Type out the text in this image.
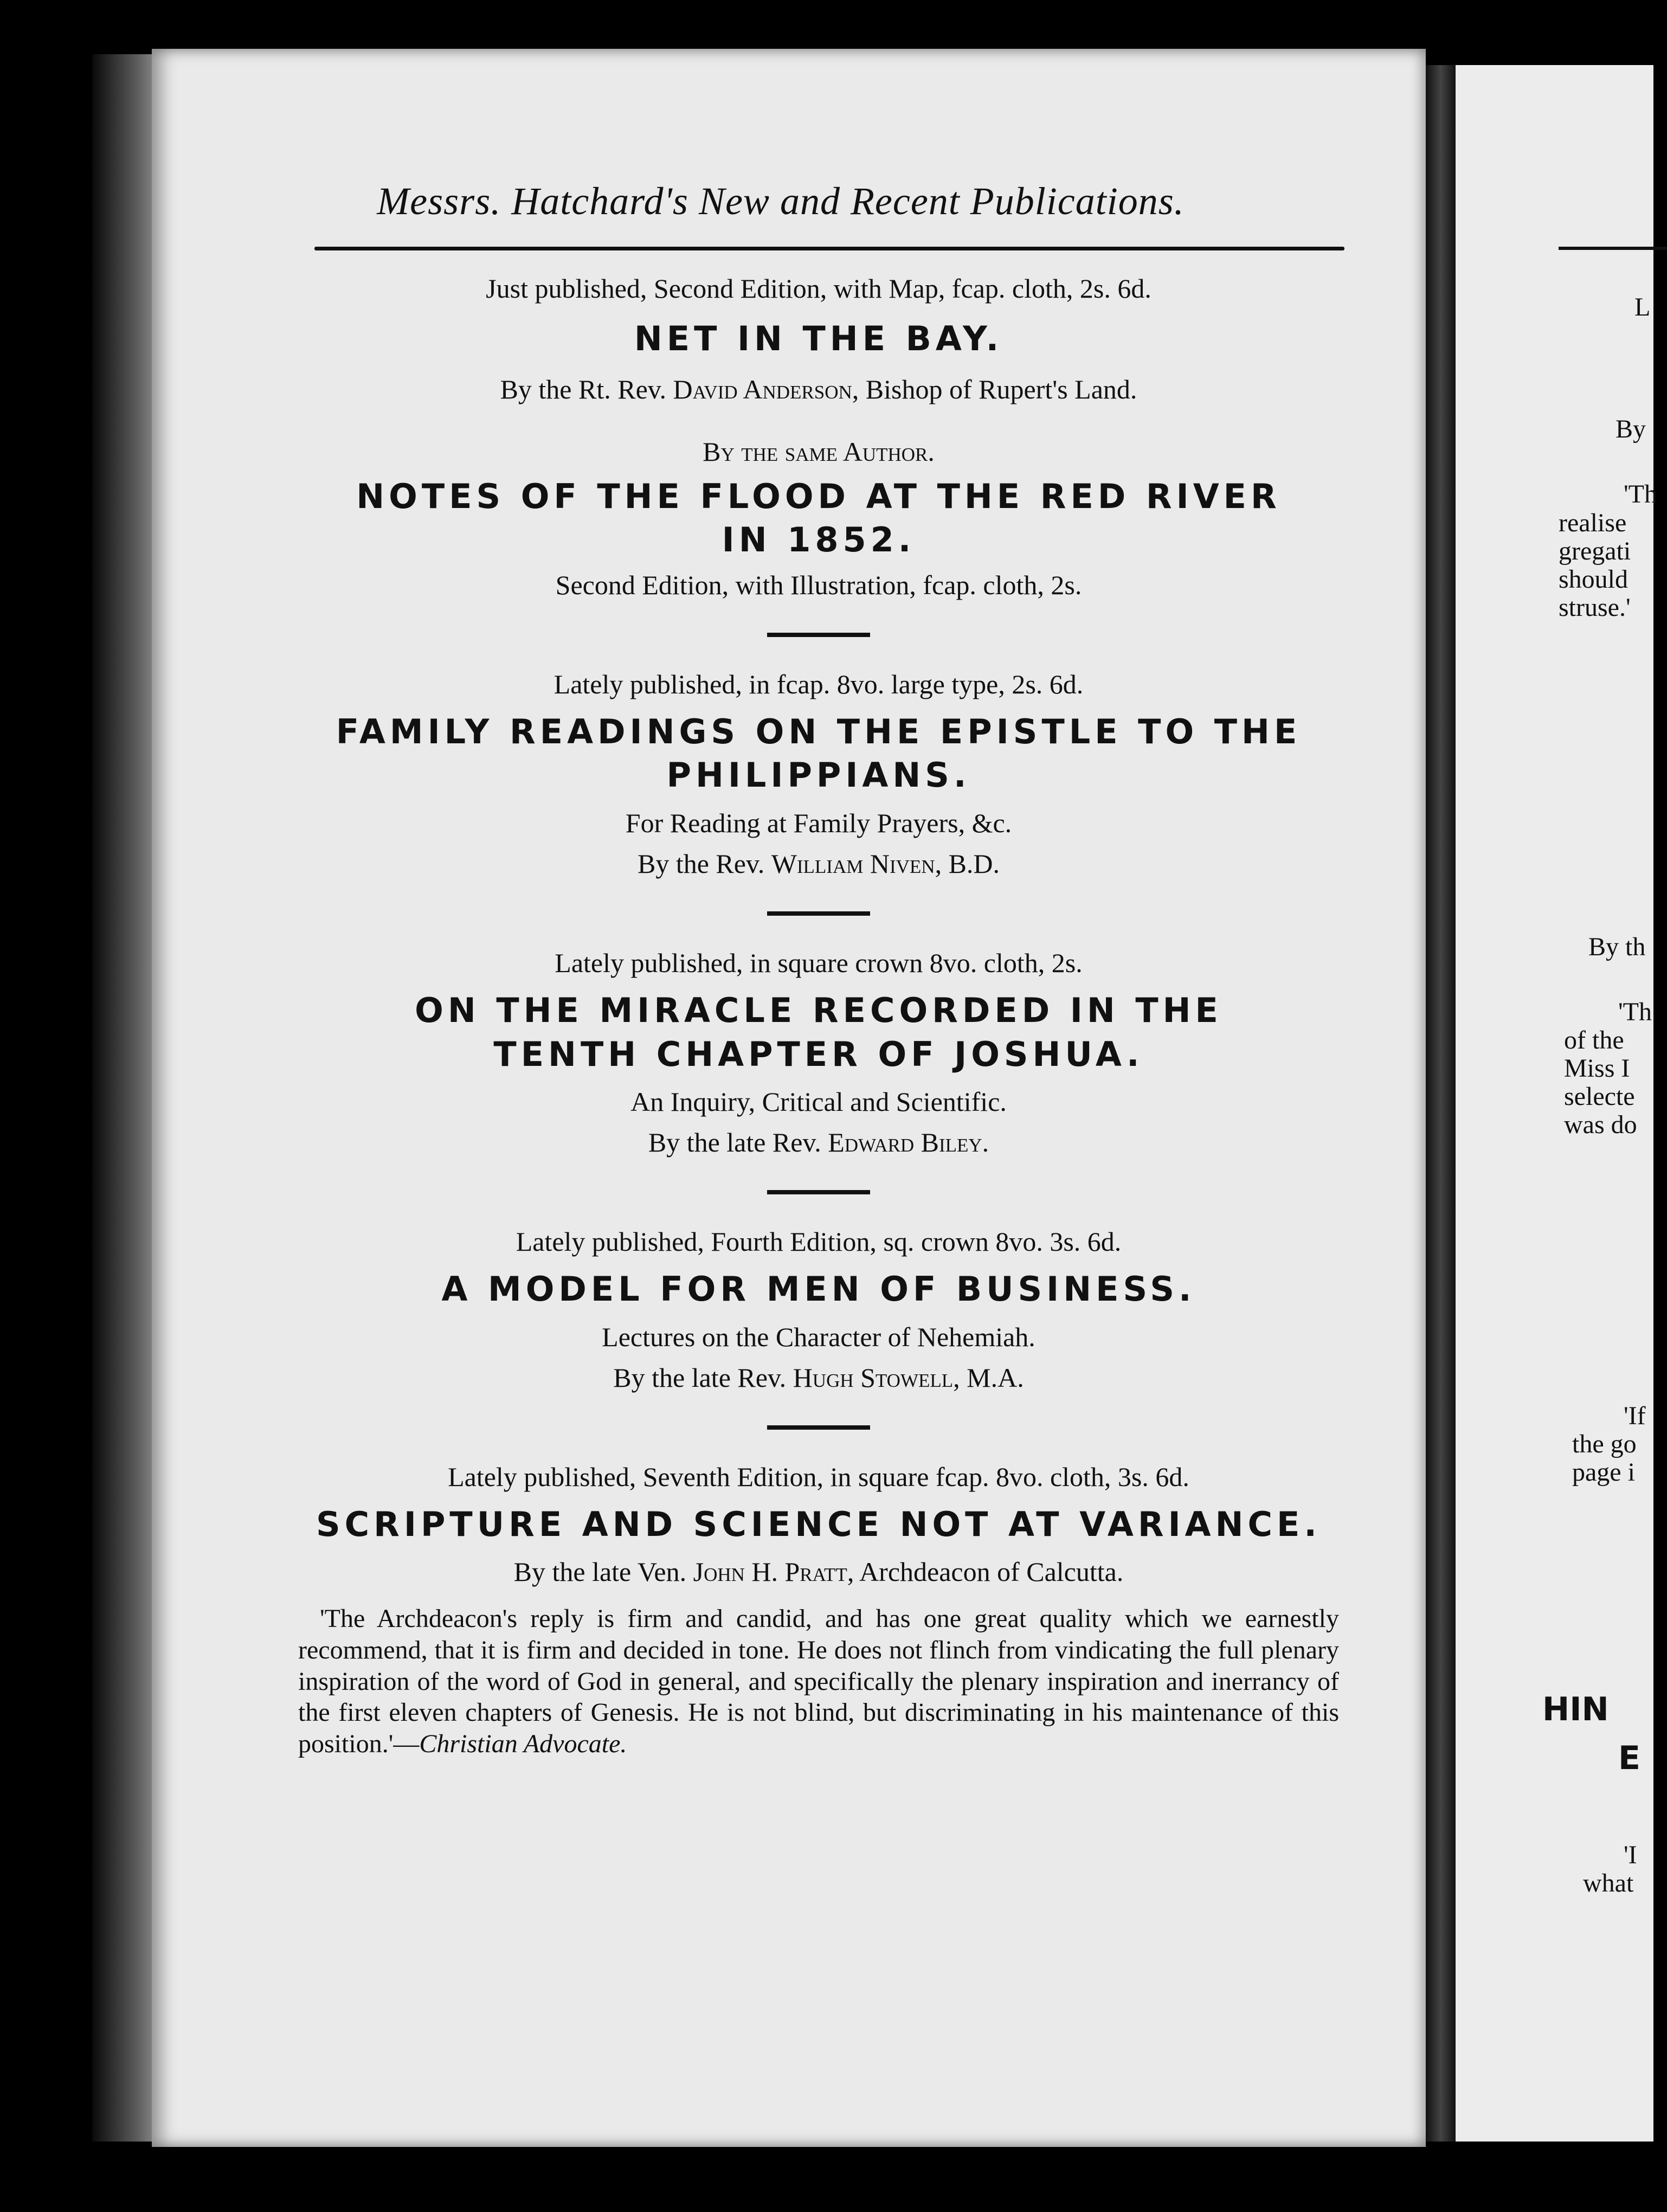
Messrs. Hatchard's New and Recent Publications.

Just published, Second Edition, with Map, fcap. cloth, 2s. 6d.

NET IN THE BAY.

By the Rt. Rev. David Anderson, Bishop of Rupert's Land.

By the same Author.

NOTES OF THE FLOOD AT THE RED RIVER

IN 1852.

Second Edition, with Illustration, fcap. cloth, 2s.

Lately published, in fcap. 8vo. large type, 2s. 6d.

FAMILY READINGS ON THE EPISTLE TO THE

PHILIPPIANS.

For Reading at Family Prayers, &c.

By the Rev. William Niven, B.D.

Lately published, in square crown 8vo. cloth, 2s.

ON THE MIRACLE RECORDED IN THE

TENTH CHAPTER OF JOSHUA.

An Inquiry, Critical and Scientific.

By the late Rev. Edward Biley.

Lately published, Fourth Edition, sq. crown 8vo. 3s. 6d.

A MODEL FOR MEN OF BUSINESS.

Lectures on the Character of Nehemiah.

By the late Rev. Hugh Stowell, M.A.

Lately published, Seventh Edition, in square fcap. 8vo. cloth, 3s. 6d.

SCRIPTURE AND SCIENCE NOT AT VARIANCE.

By the late Ven. John H. Pratt, Archdeacon of Calcutta.

'The Archdeacon's reply is firm and candid, and has one great quality which we earnestly recommend, that it is firm and decided in tone. He does not flinch from vindicating the full plenary inspiration of the word of God in general, and specifically the plenary inspiration and inerrancy of the first eleven chapters of Genesis. He is not blind, but discriminating in his maintenance of this position.'—Christian Advocate.

L
By
'Th
realise
gregati
should
struse.'
By th
'Th
of the
Miss I
selecte
was do
'If
the go
page i
HIN
E
'I
what
